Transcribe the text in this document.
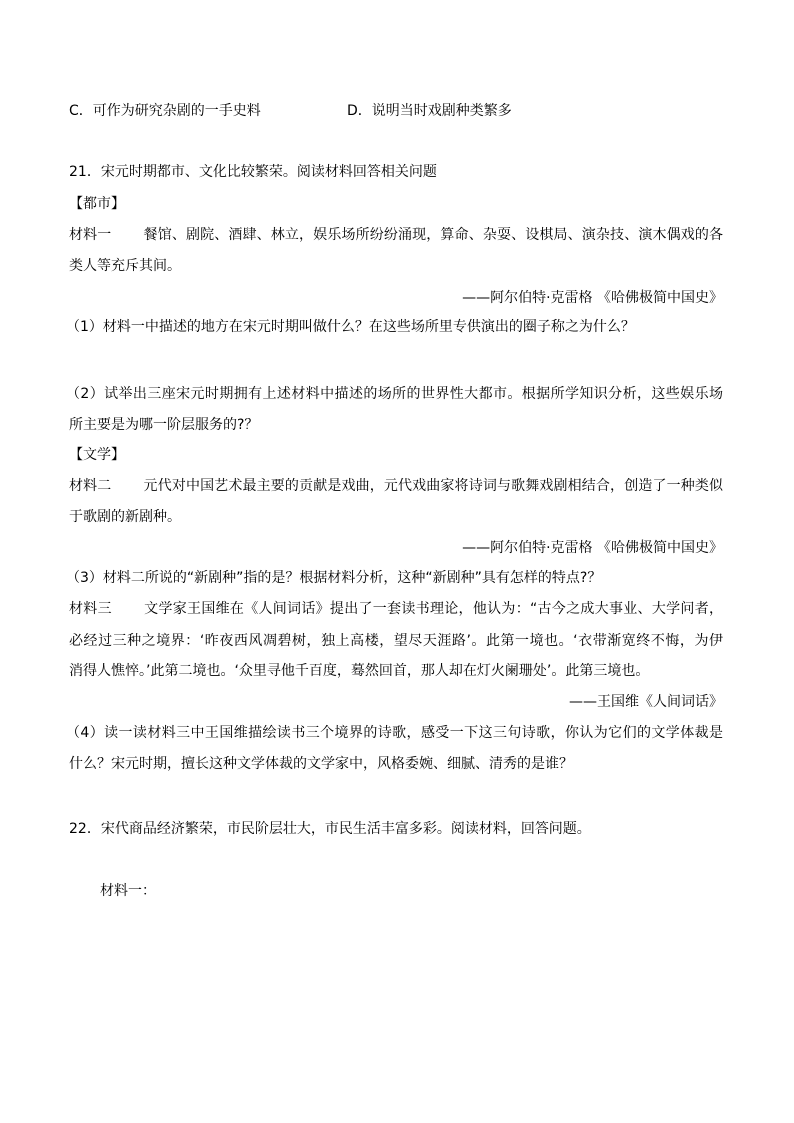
C．可作为研究杂剧的一手史料	D．说明当时戏剧种类繁多
21．宋元时期都市、文化比较繁荣。阅读材料回答相关问题
【都市】
材料一 餐馆、剧院、酒肆、林立，娱乐场所纷纷涌现，算命、杂耍、设棋局、演杂技、演木偶戏的各
类人等充斥其间。
——阿尔伯特·克雷格 《哈佛极简中国史》
（1）材料一中描述的地方在宋元时期叫做什么？在这些场所里专供演出的圈子称之为什么？
（2）试举出三座宋元时期拥有上述材料中描述的场所的世界性大都市。根据所学知识分析，这些娱乐场
所主要是为哪一阶层服务的?？
【文学】
材料二 元代对中国艺术最主要的贡献是戏曲，元代戏曲家将诗词与歌舞戏剧相结合，创造了一种类似
于歌剧的新剧种。
——阿尔伯特·克雷格 《哈佛极简中国史》
（3）材料二所说的“新剧种”指的是？根据材料分析，这种“新剧种”具有怎样的特点?？
材料三 文学家王国维在《人间词话》提出了一套读书理论，他认为：“古今之成大事业、大学问者，
必经过三种之境界：‘昨夜西风凋碧树，独上高楼，望尽天涯路’。此第一境也。‘衣带渐宽终不悔，为伊
消得人憔悴。’此第二境也。‘众里寻他千百度，蓦然回首，那人却在灯火阑珊处’。此第三境也。
——王国维《人间词话》
（4）读一读材料三中王国维描绘读书三个境界的诗歌，感受一下这三句诗歌，你认为它们的文学体裁是
什么？宋元时期，擅长这种文学体裁的文学家中，风格委婉、细腻、清秀的是谁？
22．宋代商品经济繁荣，市民阶层壮大，市民生活丰富多彩。阅读材料，回答问题。
材料一：
